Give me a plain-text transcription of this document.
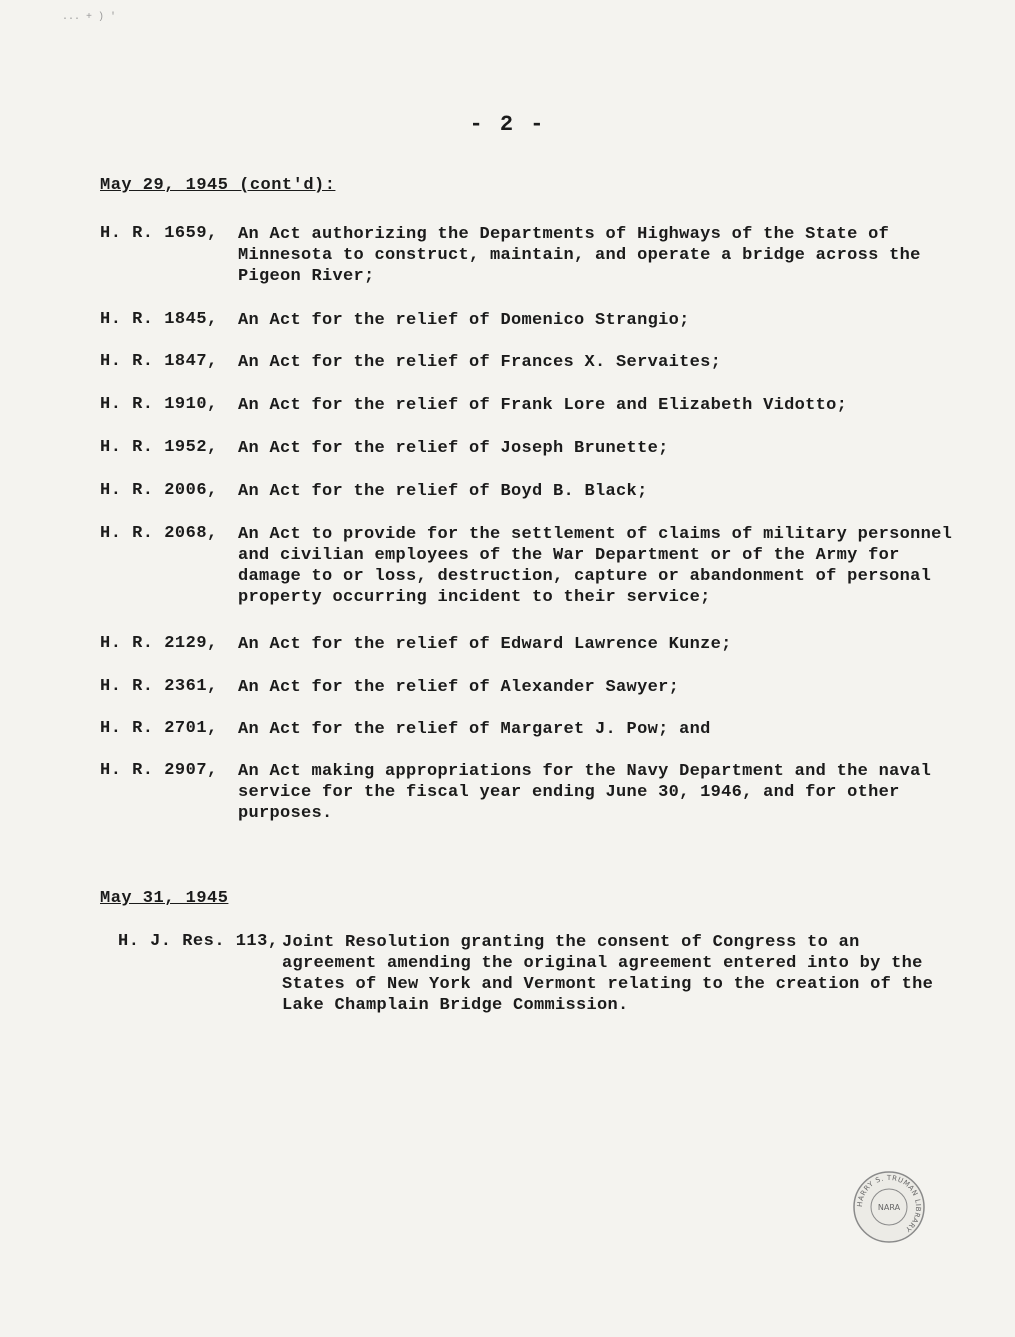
... + ) '
- 2 -
May 29, 1945 (cont'd):
H. R. 1659,	An Act authorizing the Departments of Highways of the State of Minnesota to construct, maintain, and operate a bridge across the Pigeon River;
H. R. 1845,	An Act for the relief of Domenico Strangio;
H. R. 1847,	An Act for the relief of Frances X. Servaites;
H. R. 1910,	An Act for the relief of Frank Lore and Elizabeth Vidotto;
H. R. 1952,	An Act for the relief of Joseph Brunette;
H. R. 2006,	An Act for the relief of Boyd B. Black;
H. R. 2068,	An Act to provide for the settlement of claims of military personnel and civilian employees of the War Department or of the Army for damage to or loss, destruction, capture or abandonment of personal property occurring incident to their service;
H. R. 2129,	An Act for the relief of Edward Lawrence Kunze;
H. R. 2361,	An Act for the relief of Alexander Sawyer;
H. R. 2701,	An Act for the relief of Margaret J. Pow; and
H. R. 2907,	An Act making appropriations for the Navy Department and the naval service for the fiscal year ending June 30, 1946, and for other purposes.
May 31, 1945
H. J. Res. 113, Joint Resolution granting the consent of Congress to an agreement amending the original agreement entered into by the States of New York and Vermont relating to the creation of the Lake Champlain Bridge Commission.
HARRY S. TRUMAN LIBRARY
NARA
